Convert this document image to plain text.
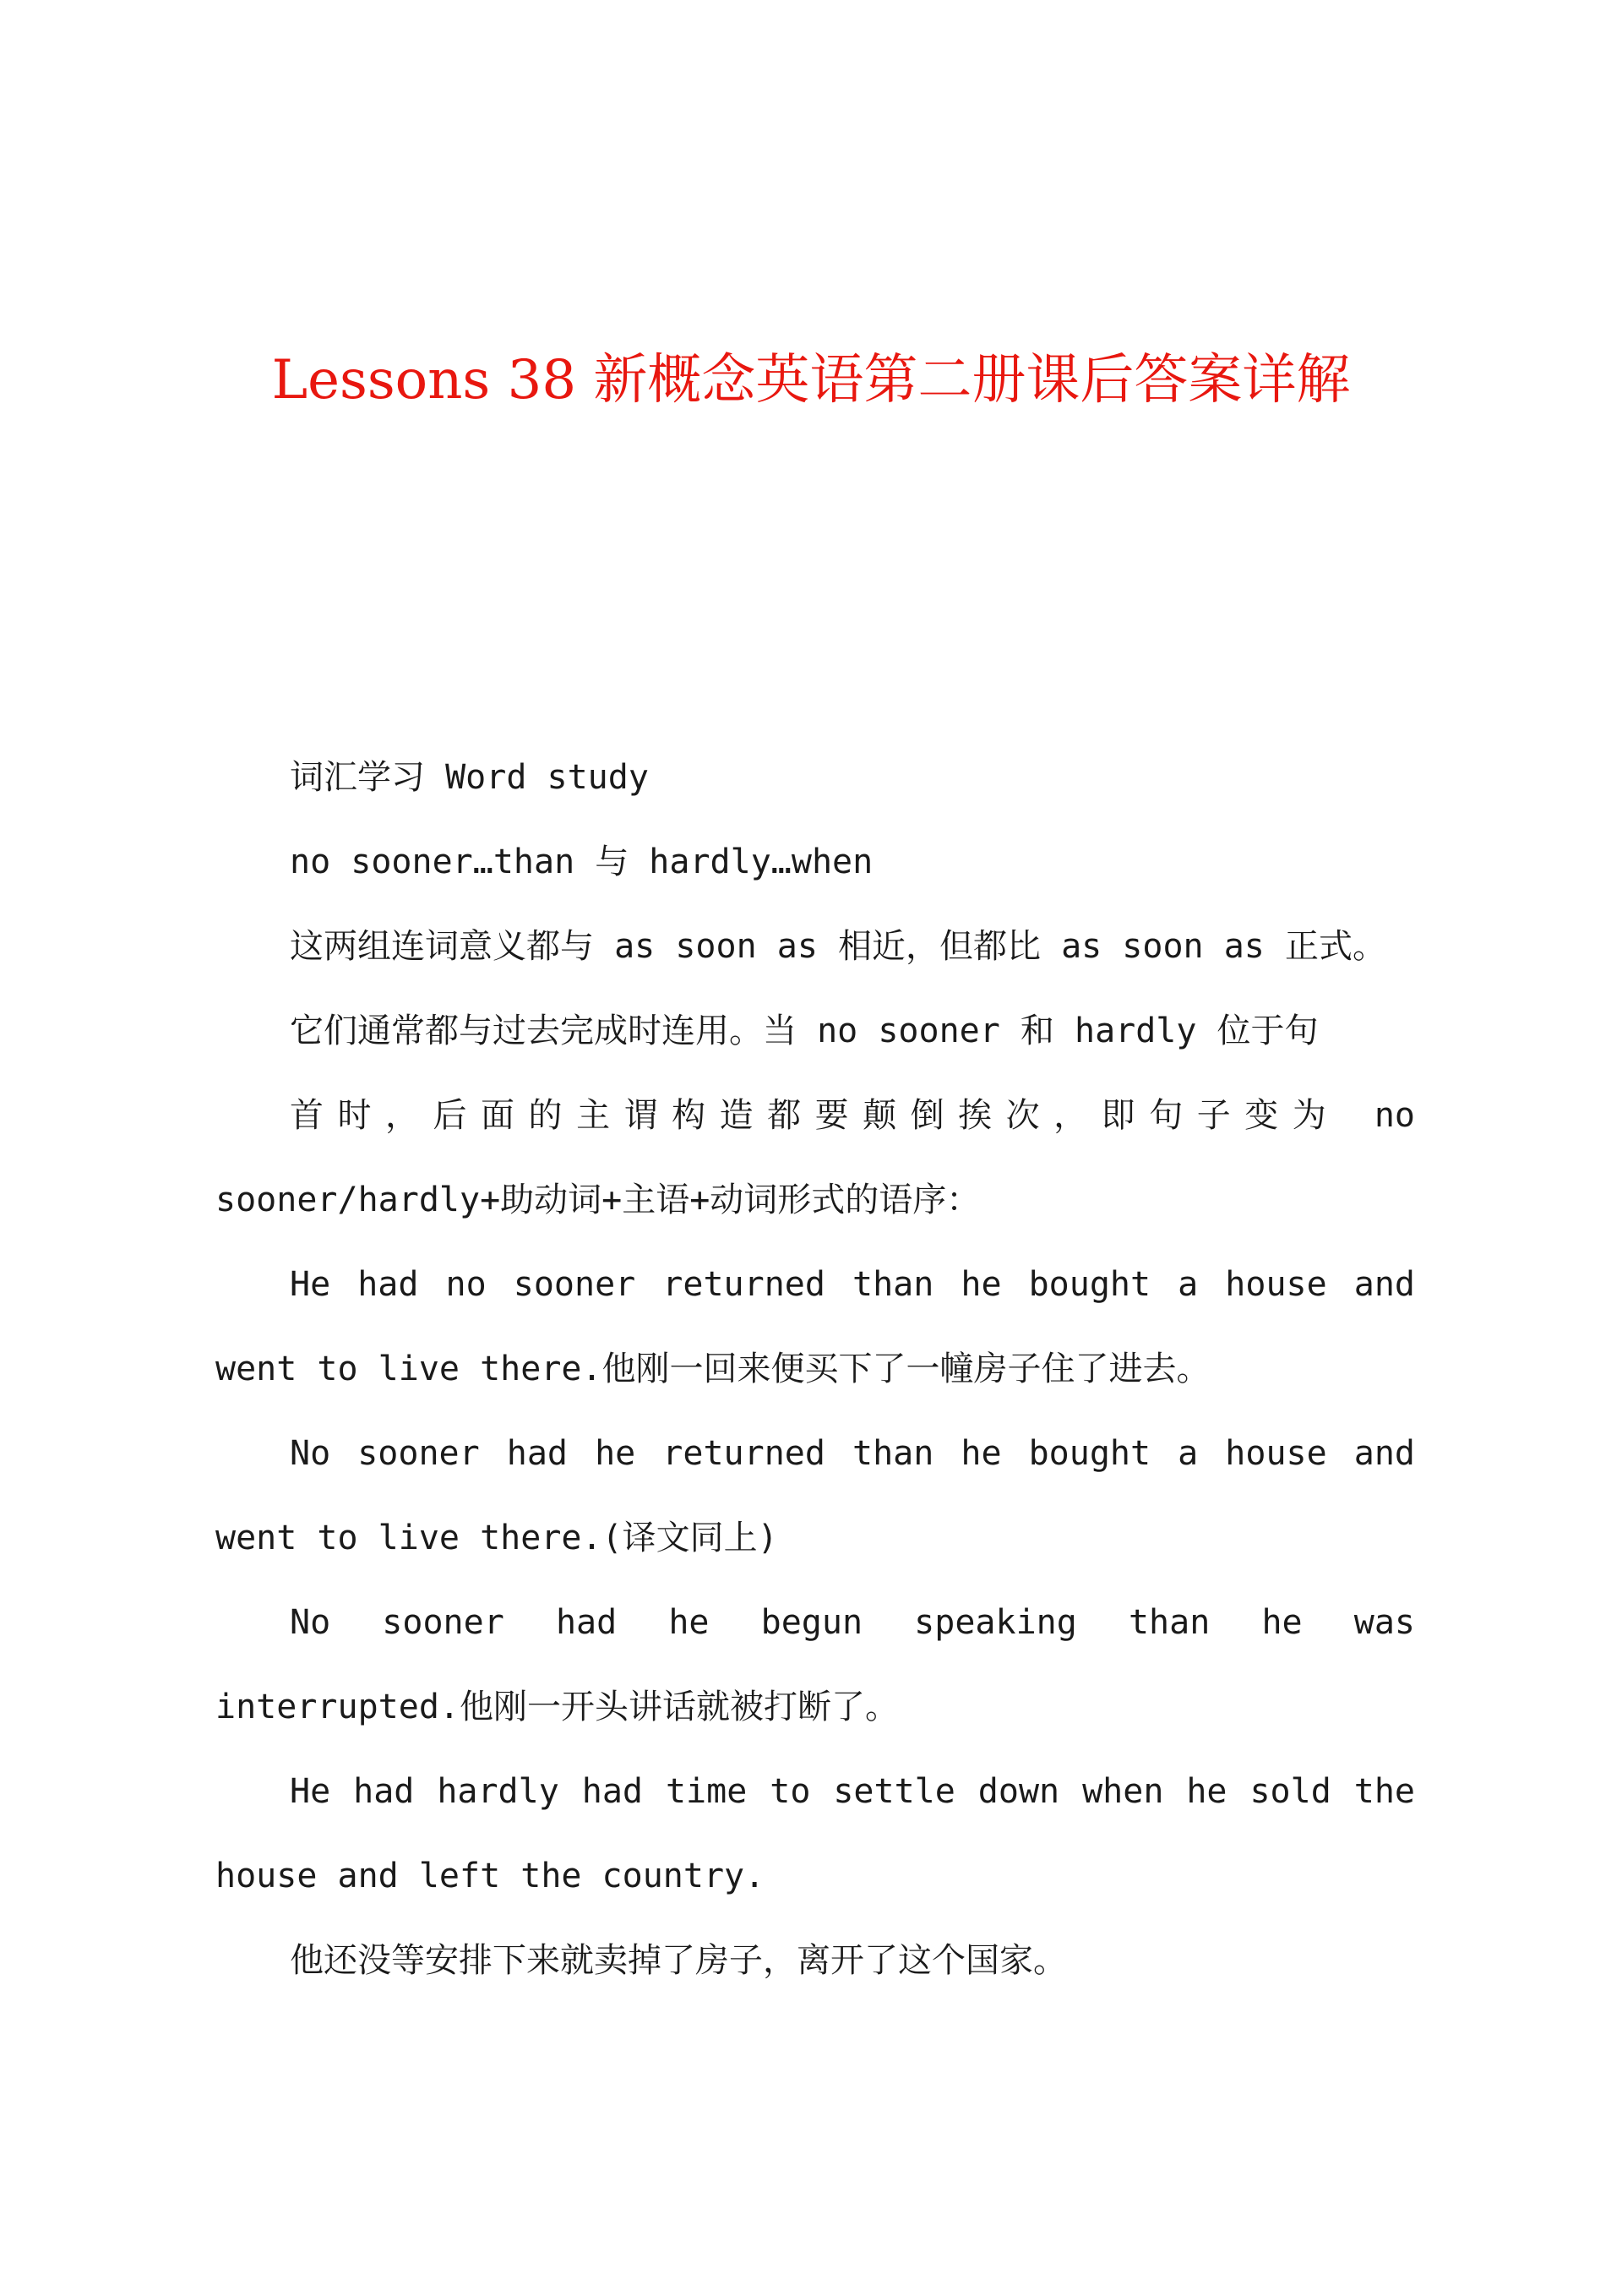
Lessons 38 新概念英语第二册课后答案详解

词汇学习 Word study

no sooner…than 与 hardly…when

这两组连词意义都与 as soon as 相近，但都比 as soon as 正式。

它们通常都与过去完成时连用。当 no sooner 和 hardly 位于句

首时，后面的主谓构造都要颠倒挨次，即句子变为 no sooner/hardly+助动词+主语+动词形式的语序：

He had no sooner returned than he bought a house and went to live there.他刚一回来便买下了一幢房子住了进去。

No sooner had he returned than he bought a house and went to live there.(译文同上)

No sooner had he begun speaking than he was interrupted.他刚一开头讲话就被打断了。

He had hardly had time to settle down when he sold the house and left the country.

他还没等安排下来就卖掉了房子，离开了这个国家。
